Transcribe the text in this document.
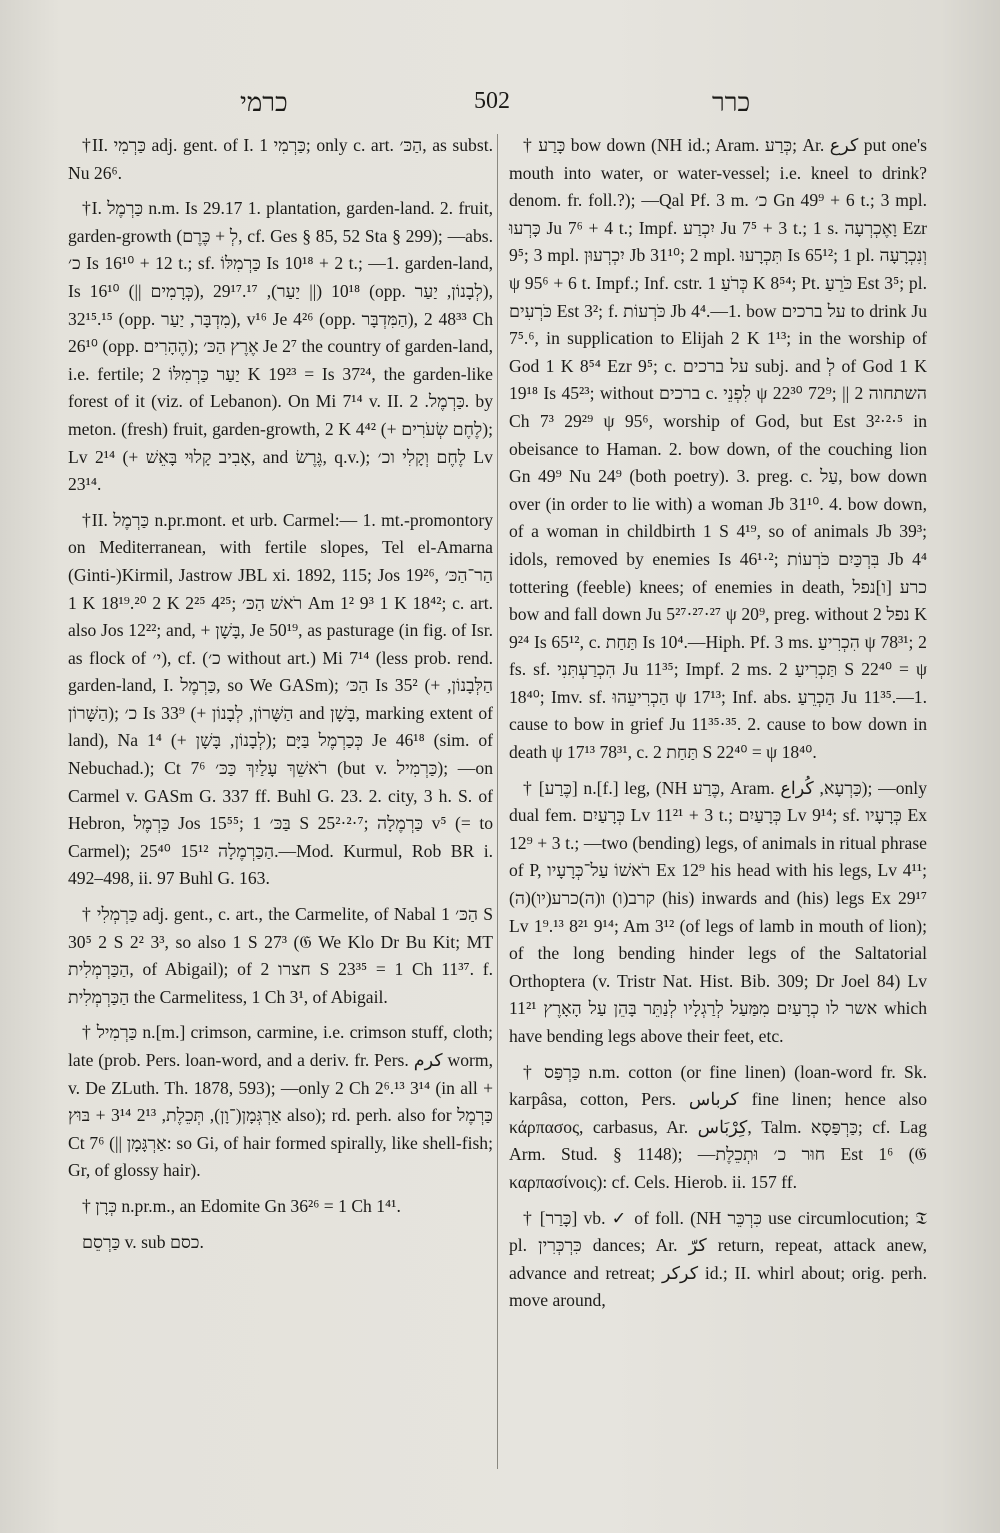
כרמי	502	כרר

†II. כַּרְמִי adj. gent. of I. כַּרְמִי 1; only c. art. הַכּ׳, as subst. Nu 26⁶.

†I. כַּרְמֶל n.m. Is 29.17 1. plantation, garden-land. 2. fruit, garden-growth (לְ + כֶּרֶם, cf. Ges § 85, 52 Sta § 299); —abs. כ׳ Is 16¹⁰ + 12 t.; sf. כַּרְמִלּוֹ Is 10¹⁸ + 2 t.; —1. garden-land, Is 16¹⁰ (|| כְּרָמִים), 10¹⁸ (|| יַעַר), 29¹⁷.¹⁷ (opp. לְבָנוֹן, יַעַר), 32¹⁵.¹⁵ (opp. מִדְבָּר, יַעַר), v¹⁶ Je 4²⁶ (opp. הַמִּדְבָּר), 48³³ 2 Ch 26¹⁰ (opp. הֶהָרִים); אֶרֶץ הַכּ׳ Je 2⁷ the country of garden-land, i.e. fertile; יַעַר כַּרְמִלּוֹ 2 K 19²³ = Is 37²⁴, the garden-like forest of it (viz. of Lebanon). On Mi 7¹⁴ v. II. כַּרְמֶל. 2. by meton. (fresh) fruit, garden-growth, 2 K 4⁴² (+ לֶחֶם שְׂעֹרִים); Lv 2¹⁴ (+ אָבִיב קָלוּי בָּאֵשׁ, and גֶּרֶשׂ, q.v.); לֶחֶם וְקָלִי וכ׳ Lv 23¹⁴.

†II. כַּרְמֶל n.pr.mont. et urb. Carmel:— 1. mt.-promontory on Mediterranean, with fertile slopes, Tel el-Amarna (Ginti-)Kirmil, Jastrow JBL xi. 1892, 115; Jos 19²⁶, הַר־הַכּ׳ 1 K 18¹⁹.²⁰ 2 K 2²⁵ 4²⁵; רֹאשׁ הַכּ׳ Am 1² 9³ 1 K 18⁴²; c. art. also Jos 12²²; and, + בָּשָׁן, Je 50¹⁹, as pasturage (in fig. of Isr. as flock of י׳), cf. (כ׳ without art.) Mi 7¹⁴ (less prob. rend. garden-land, I. כַּרְמֶל, so We GASm); הַכּ׳ Is 35² (+ הַלְּבָנוֹן, הַשָּׁרוֹן); כ׳ Is 33⁹ (+ הַשָּׁרוֹן, לְבָנוֹן and בָּשָׁן, marking extent of land), Na 1⁴ (+ לְבָנוֹן, בָּשָׁן); כְּכַרְמֶל בַּיָּם Je 46¹⁸ (sim. of Nebuchad.); Ct 7⁶ רֹאשֵׁךְ עָלַיִךְ כַּכּ׳ (but v. כַּרְמִיל); —on Carmel v. GASm G. 337 ff. Buhl G. 23. 2. city, 3 h. S. of Hebron, כַּרְמֶל Jos 15⁵⁵; בַּכּ׳ 1 S 25²·²·⁷; כַּרְמֶלָה v⁵ (= to Carmel); הַכַּרְמֶלָה 15¹² 25⁴⁰.—Mod. Kurmul, Rob BR i. 492–498, ii. 97 Buhl G. 163.

† כַּרְמְלִי adj. gent., c. art., the Carmelite, of Nabal הַכּ׳ 1 S 30⁵ 2 S 2² 3³, so also 1 S 27³ (𝔊 We Klo Dr Bu Kit; MT הַכַּרְמְלִית, of Abigail); of חצרו 2 S 23³⁵ = 1 Ch 11³⁷. f. הַכַּרְמְלִית the Carmelitess, 1 Ch 3¹, of Abigail.

† כַּרְמִיל n.[m.] crimson, carmine, i.e. crimson stuff, cloth; late (prob. Pers. loan-word, and a deriv. fr. Pers. كرم worm, v. De ZLuth. Th. 1878, 593); —only 2 Ch 2⁶.¹³ 3¹⁴ (in all + אַרְגְּמָן(־וָן), תְּכֵלֶת, 2¹³ 3¹⁴ + בּוּץ also); rd. perh. also for כַּרְמֶל Ct 7⁶ (|| אַרְגָּמָן: so Gi, of hair formed spirally, like shell-fish; Gr, of glossy hair).

† כְּרָן n.pr.m., an Edomite Gn 36²⁶ = 1 Ch 1⁴¹.

כַּרְסֵם v. sub כסם.

† כָּרַע bow down (NH id.; Aram. כְּרַע; Ar. كرع put one's mouth into water, or water-vessel; i.e. kneel to drink? denom. fr. foll.?); —Qal Pf. 3 m. כ׳ Gn 49⁹ + 6 t.; 3 mpl. כָּרְעוּ Ju 7⁶ + 4 t.; Impf. יִכְרַע Ju 7⁵ + 3 t.; 1 s. וָאֶכְרְעָה Ezr 9⁵; 3 mpl. יִכְרְעוּן Jb 31¹⁰; 2 mpl. תִּכְרָעוּ Is 65¹²; 1 pl. וְנִכְרָעָה ψ 95⁶ + 6 t. Impf.; Inf. cstr. כְּרֹעַ 1 K 8⁵⁴; Pt. כֹּרֵעַ Est 3⁵; pl. כֹּרְעִים Est 3²; f. כֹּרְעוֹת Jb 4⁴.—1. bow על ברכים to drink Ju 7⁵.⁶, in supplication to Elijah 2 K 1¹³; in the worship of God 1 K 8⁵⁴ Ezr 9⁵; c. על ברכים subj. and לְ of God 1 K 19¹⁸ Is 45²³; without ברכים c. לִפְנֵי ψ 22³⁰ 72⁹; || השתחוה 2 Ch 7³ 29²⁹ ψ 95⁶, worship of God, but Est 3²·²·⁵ in obeisance to Haman. 2. bow down, of the couching lion Gn 49⁹ Nu 24⁹ (both poetry). 3. preg. c. עַל, bow down over (in order to lie with) a woman Jb 31¹⁰. 4. bow down, of a woman in childbirth 1 S 4¹⁹, so of animals Jb 39³; idols, removed by enemies Is 46¹·²; בִּרְכַּיִם כֹּרְעוֹת Jb 4⁴ tottering (feeble) knees; of enemies in death, כרע [ו]נפל bow and fall down Ju 5²⁷·²⁷·²⁷ ψ 20⁹, preg. without נפל 2 K 9²⁴ Is 65¹², c. תַּחַת Is 10⁴.—Hiph. Pf. 3 ms. הִכְרִיעַ ψ 78³¹; 2 fs. sf. הִכְרַעְתִּנִי Ju 11³⁵; Impf. 2 ms. תַּכְרִיעַ 2 S 22⁴⁰ = ψ 18⁴⁰; Imv. sf. הַכְרִיעֵהוּ ψ 17¹³; Inf. abs. הַכְרֵעַ Ju 11³⁵.—1. cause to bow in grief Ju 11³⁵·³⁵. 2. cause to bow down in death ψ 17¹³ 78³¹, c. תַּחַת 2 S 22⁴⁰ = ψ 18⁴⁰.

† [כֶּרַע] n.[f.] leg, (NH כֶּרַע, Aram. כַּרְעָא, كُراع); —only dual fem. כְּרָעַיִם Lv 11²¹ + 3 t.; כְּרָעַיִם Lv 9¹⁴; sf. כְּרָעָיו Ex 12⁹ + 3 t.; —two (bending) legs, of animals in ritual phrase of P, רֹאשׁוֹ עַל־כְּרָעָיו Ex 12⁹ his head with his legs, Lv 4¹¹; (ה)קרב(ו) ו(ה)כרע(יו) (his) inwards and (his) legs Ex 29¹⁷ Lv 1⁹.¹³ 8²¹ 9¹⁴; Am 3¹² (of legs of lamb in mouth of lion); of the long bending hinder legs of the Saltatorial Orthoptera (v. Tristr Nat. Hist. Bib. 309; Dr Joel 84) Lv 11²¹ אשר לו כְרָעַיִם מִמַּעַל לְרַגְלָיו לְנַתֵּר בָּהֵן עַל הָאָרֶץ which have bending legs above their feet, etc.

† כַּרְפַּס n.m. cotton (or fine linen) (loan-word fr. Sk. karpâsa, cotton, Pers. كرباس fine linen; hence also κάρπασος, carbasus, Ar. كِرْبَاس, Talm. כַּרְפַּסָא; cf. Lag Arm. Stud. § 1148); —חוּר כ׳ וּתְכֵלֶת Est 1⁶ (𝔊 καρπασίνοις): cf. Cels. Hierob. ii. 157 ff.

† [כָּרַר] vb. ✓ of foll. (NH כִּרְכֵּר use circumlocution; 𝔗 pl. כִּרְכְּרִין dances; Ar. كرّ return, repeat, attack anew, advance and retreat; كركر id.; II. whirl about; orig. perh. move around,
